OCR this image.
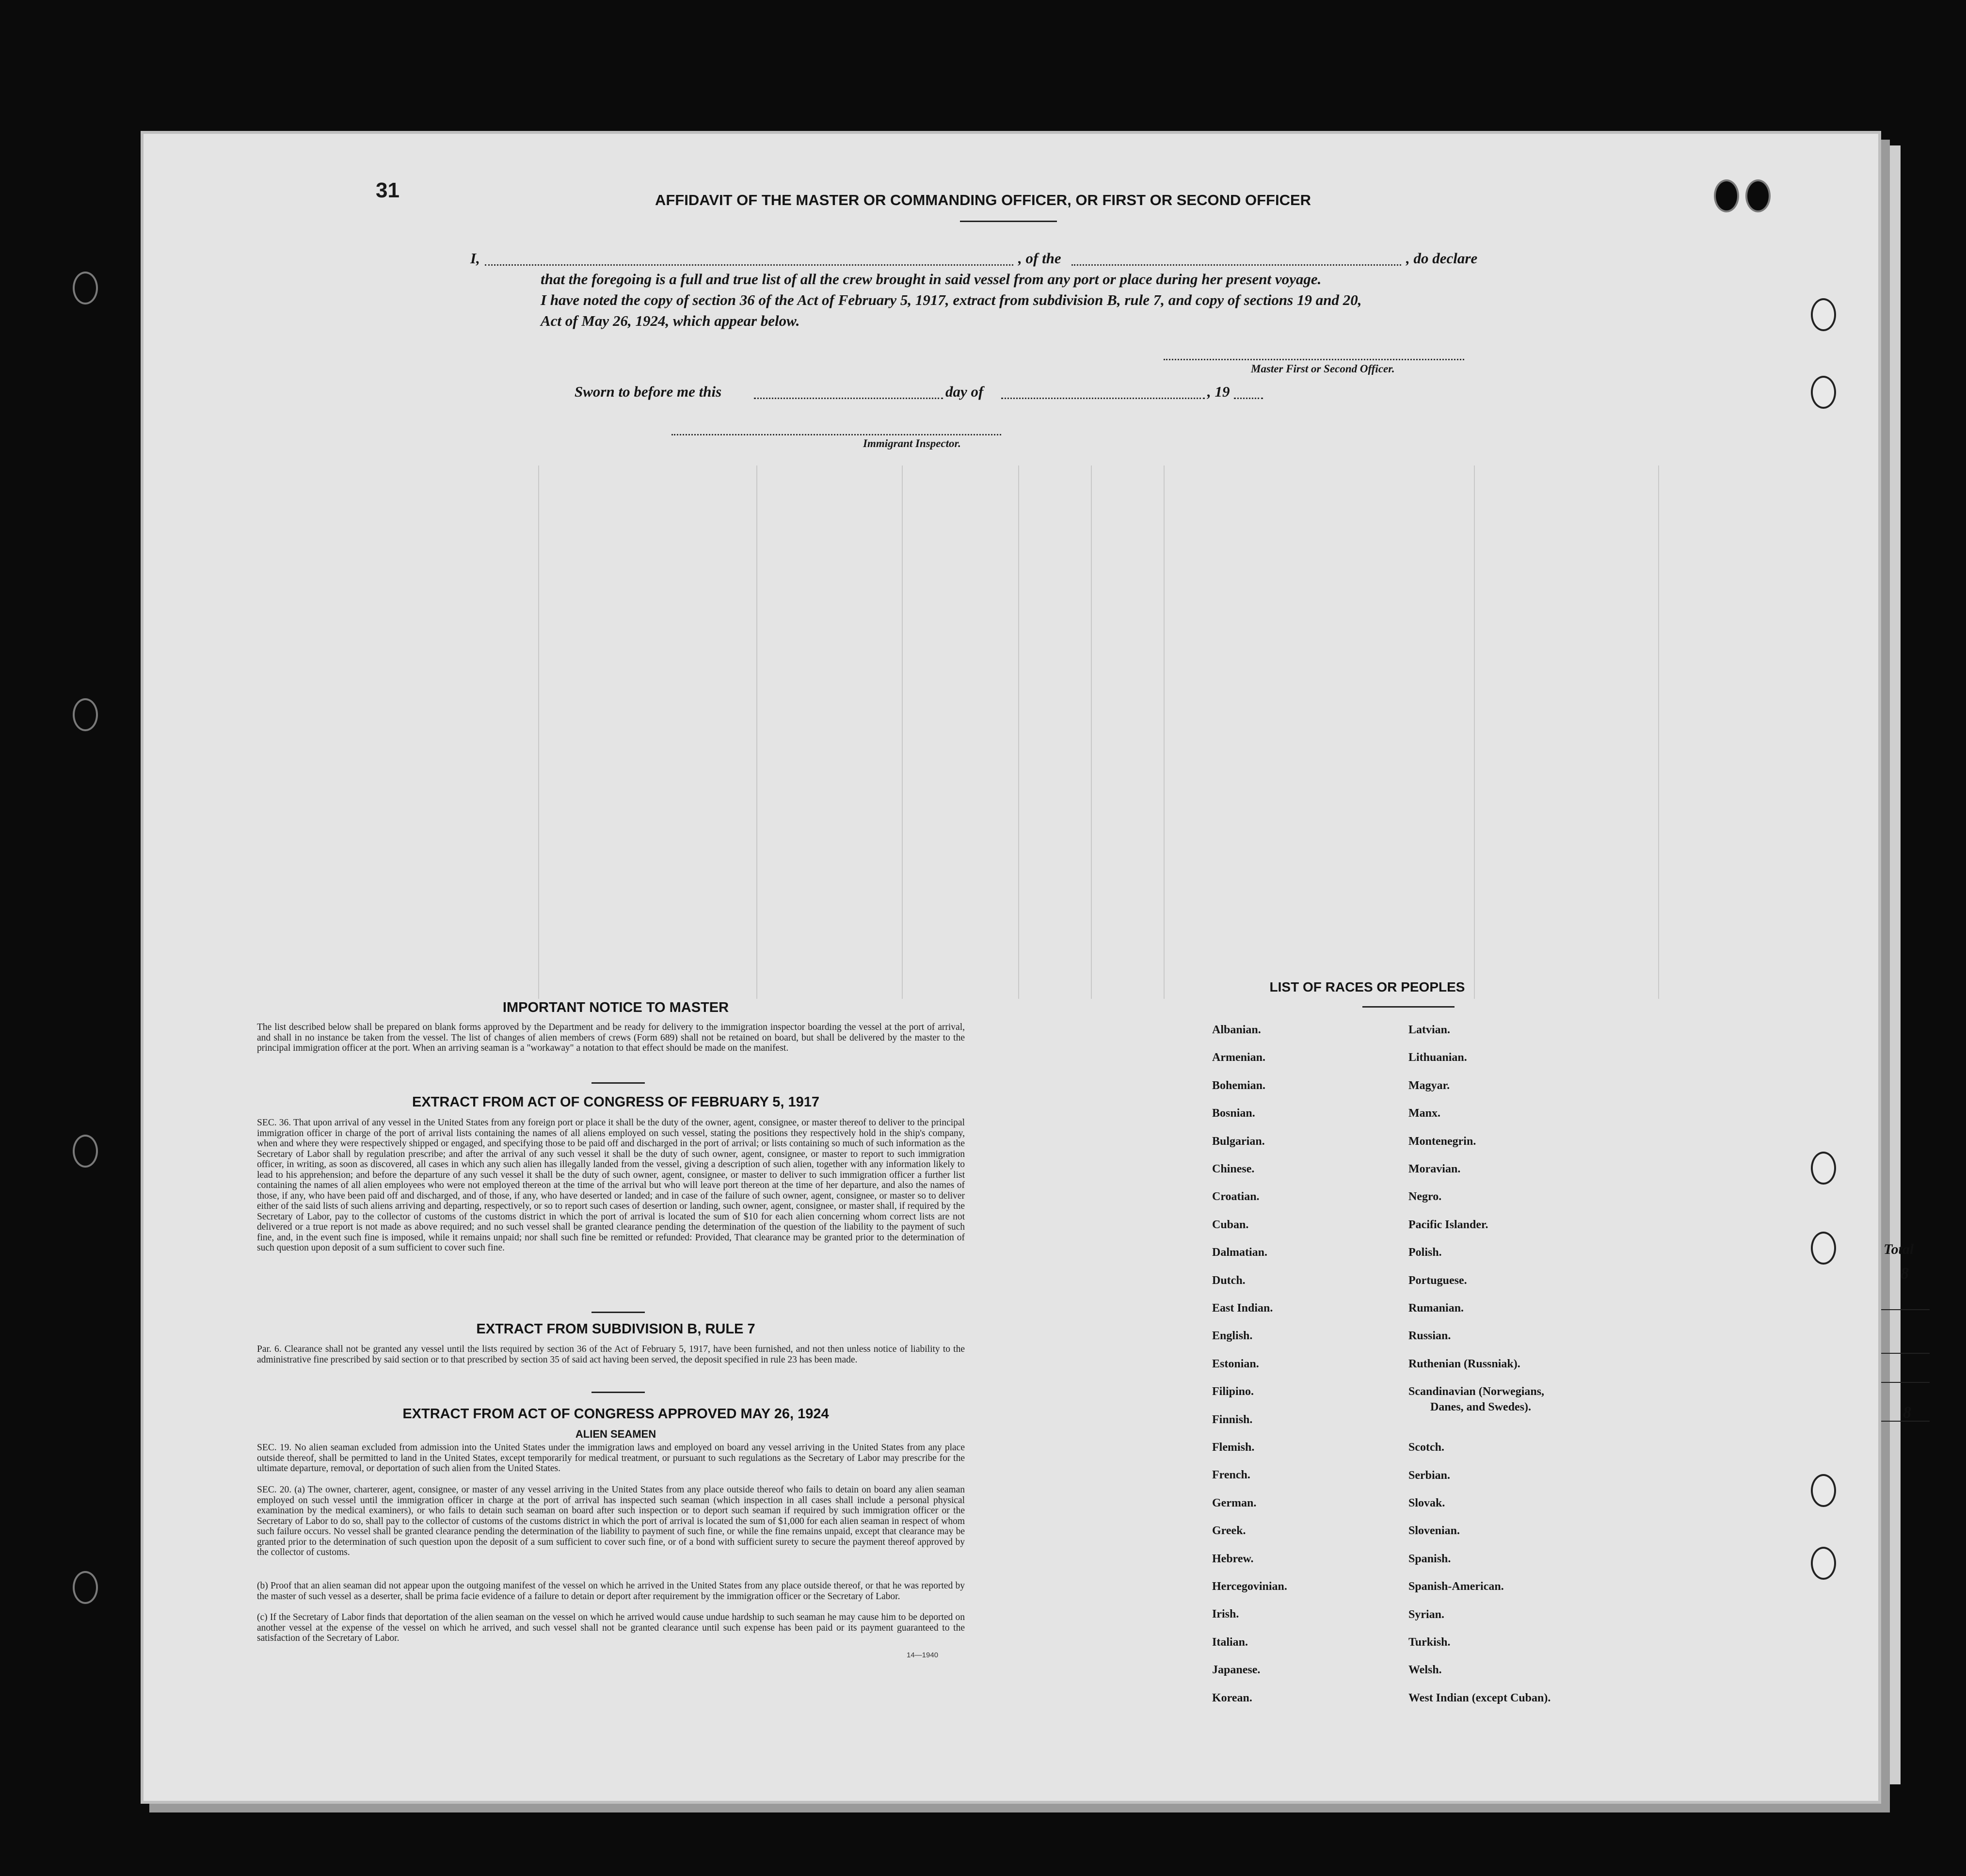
31	AFFIDAVIT OF THE MASTER OR COMMANDING OFFICER, OR FIRST OR SECOND OFFICER
I,	, of the	, do declare
that the foregoing is a full and true list of all the crew brought in said vessel from any port or place during her present voyage.
I have noted the copy of section 36 of the Act of February 5, 1917, extract from subdivision B, rule 7, and copy of sections 19 and 20,
Act of May 26, 1924, which appear below.
Master First or Second Officer.
Sworn to before me this	day of	, 19
Immigrant Inspector.
IMPORTANT NOTICE TO MASTER
The list described below shall be prepared on blank forms approved by the Department and be ready for delivery to the immigration inspector boarding the vessel at the port of arrival, and shall in no instance be taken from the vessel. The list of changes of alien members of crews (Form 689) shall not be retained on board, but shall be delivered by the master to the principal immigration officer at the port. When an arriving seaman is a "workaway" a notation to that effect should be made on the manifest.
EXTRACT FROM ACT OF CONGRESS OF FEBRUARY 5, 1917
SEC. 36. That upon arrival of any vessel in the United States from any foreign port or place it shall be the duty of the owner, agent, consignee, or master thereof to deliver to the principal immigration officer in charge of the port of arrival lists containing the names of all aliens employed on such vessel, stating the positions they respectively hold in the ship's company, when and where they were respectively shipped or engaged, and specifying those to be paid off and discharged in the port of arrival; or lists containing so much of such information as the Secretary of Labor shall by regulation prescribe; and after the arrival of any such vessel it shall be the duty of such owner, agent, consignee, or master to report to such immigration officer, in writing, as soon as discovered, all cases in which any such alien has illegally landed from the vessel, giving a description of such alien, together with any information likely to lead to his apprehension; and before the departure of any such vessel it shall be the duty of such owner, agent, consignee, or master to deliver to such immigration officer a further list containing the names of all alien employees who were not employed thereon at the time of the arrival but who will leave port thereon at the time of her departure, and also the names of those, if any, who have been paid off and discharged, and of those, if any, who have deserted or landed; and in case of the failure of such owner, agent, consignee, or master so to deliver either of the said lists of such aliens arriving and departing, respectively, or so to report such cases of desertion or landing, such owner, agent, consignee, or master shall, if required by the Secretary of Labor, pay to the collector of customs of the customs district in which the port of arrival is located the sum of $10 for each alien concerning whom correct lists are not delivered or a true report is not made as above required; and no such vessel shall be granted clearance pending the determination of the question of the liability to the payment of such fine, and, in the event such fine is imposed, while it remains unpaid; nor shall such fine be remitted or refunded: Provided, That clearance may be granted prior to the determination of such question upon deposit of a sum sufficient to cover such fine.
EXTRACT FROM SUBDIVISION B, RULE 7
Par. 6. Clearance shall not be granted any vessel until the lists required by section 36 of the Act of February 5, 1917, have been furnished, and not then unless notice of liability to the administrative fine prescribed by said section or to that prescribed by section 35 of said act having been served, the deposit specified in rule 23 has been made.
EXTRACT FROM ACT OF CONGRESS APPROVED MAY 26, 1924
ALIEN SEAMEN
SEC. 19. No alien seaman excluded from admission into the United States under the immigration laws and employed on board any vessel arriving in the United States from any place outside thereof, shall be permitted to land in the United States, except temporarily for medical treatment, or pursuant to such regulations as the Secretary of Labor may prescribe for the ultimate departure, removal, or deportation of such alien from the United States.
SEC. 20. (a) The owner, charterer, agent, consignee, or master of any vessel arriving in the United States from any place outside thereof who fails to detain on board any alien seaman employed on such vessel until the immigration officer in charge at the port of arrival has inspected such seaman (which inspection in all cases shall include a personal physical examination by the medical examiners), or who fails to detain such seaman on board after such inspection or to deport such seaman if required by such immigration officer or the Secretary of Labor to do so, shall pay to the collector of customs of the customs district in which the port of arrival is located the sum of $1,000 for each alien seaman in respect of whom such failure occurs. No vessel shall be granted clearance pending the determination of the liability to payment of such fine, or while the fine remains unpaid, except that clearance may be granted prior to the determination of such question upon the deposit of a sum sufficient to cover such fine, or of a bond with sufficient surety to secure the payment thereof approved by the collector of customs.
(b) Proof that an alien seaman did not appear upon the outgoing manifest of the vessel on which he arrived in the United States from any place outside thereof, or that he was reported by the master of such vessel as a deserter, shall be prima facie evidence of a failure to detain or deport after requirement by the immigration officer or the Secretary of Labor.
(c) If the Secretary of Labor finds that deportation of the alien seaman on the vessel on which he arrived would cause undue hardship to such seaman he may cause him to be deported on another vessel at the expense of the vessel on which he arrived, and such vessel shall not be granted clearance until such expense has been paid or its payment guaranteed to the satisfaction of the Secretary of Labor.
14—1940
LIST OF RACES OR PEOPLES
Albanian.
Armenian.
Bohemian.
Bosnian.
Bulgarian.
Chinese.
Croatian.
Cuban.
Dalmatian.
Dutch.
East Indian.
English.
Estonian.
Filipino.
Finnish.
Flemish.
French.
German.
Greek.
Hebrew.
Hercegovinian.
Irish.
Italian.
Japanese.
Korean.
Latvian.
Lithuanian.
Magyar.
Manx.
Montenegrin.
Moravian.
Negro.
Pacific Islander.
Polish.
Portuguese.
Rumanian.
Russian.
Ruthenian (Russniak).
Scandinavian (Norwegians,
Danes, and Swedes).
Scotch.
Serbian.
Slovak.
Slovenian.
Spanish.
Spanish-American.
Syrian.
Turkish.
Welsh.
West Indian (except Cuban).
Total
8
8
